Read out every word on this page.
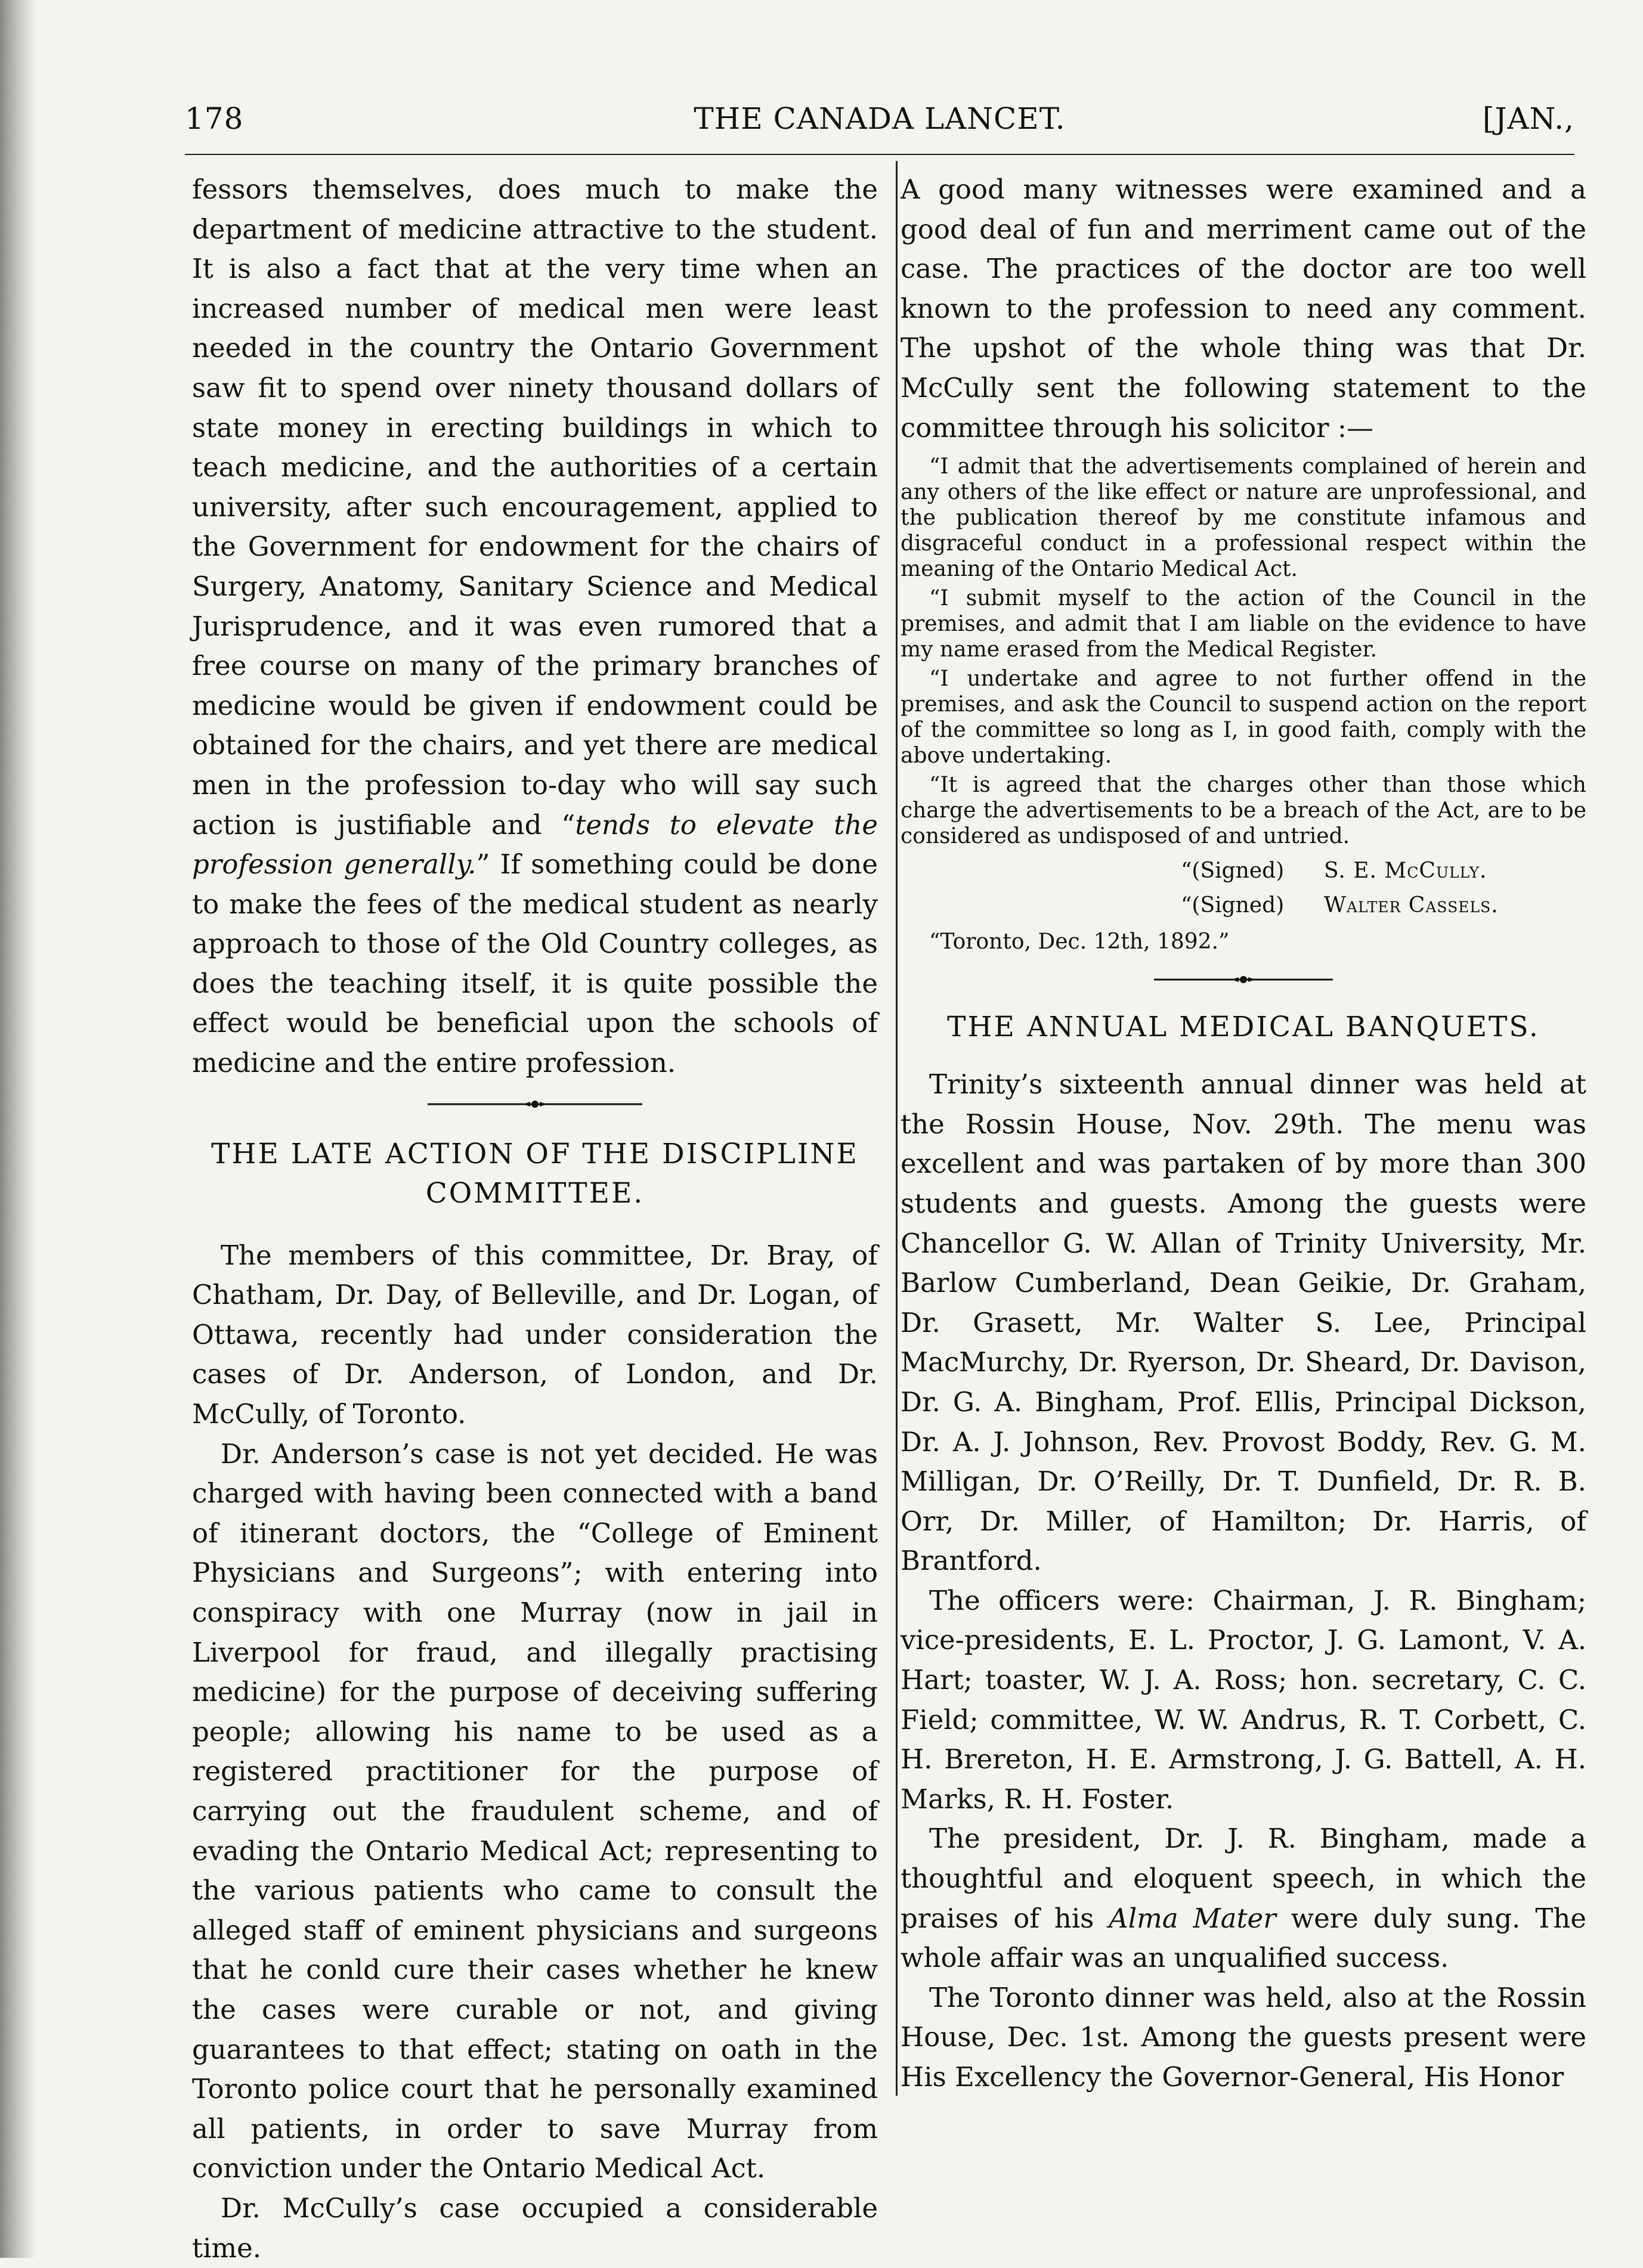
178	THE CANADA LANCET.	[JAN.,

fessors themselves, does much to make the department of medicine attractive to the student. It is also a fact that at the very time when an increased number of medical men were least needed in the country the Ontario Government saw fit to spend over ninety thousand dollars of state money in erecting buildings in which to teach medicine, and the authorities of a certain university, after such encouragement, applied to the Government for endowment for the chairs of Surgery, Anatomy, Sanitary Science and Medical Jurisprudence, and it was even rumored that a free course on many of the primary branches of medicine would be given if endowment could be obtained for the chairs, and yet there are medical men in the profession to-day who will say such action is justifiable and “tends to elevate the profession generally.” If something could be done to make the fees of the medical student as nearly approach to those of the Old Country colleges, as does the teaching itself, it is quite possible the effect would be beneficial upon the schools of medicine and the entire profession.

THE LATE ACTION OF THE DISCIPLINE COMMITTEE.

The members of this committee, Dr. Bray, of Chatham, Dr. Day, of Belleville, and Dr. Logan, of Ottawa, recently had under consideration the cases of Dr. Anderson, of London, and Dr. McCully, of Toronto.

Dr. Anderson’s case is not yet decided. He was charged with having been connected with a band of itinerant doctors, the “College of Eminent Physicians and Surgeons”; with entering into conspiracy with one Murray (now in jail in Liverpool for fraud, and illegally practising medicine) for the purpose of deceiving suffering people; allowing his name to be used as a registered practitioner for the purpose of carrying out the fraudulent scheme, and of evading the Ontario Medical Act; representing to the various patients who came to consult the alleged staff of eminent physicians and surgeons that he conld cure their cases whether he knew the cases were curable or not, and giving guarantees to that effect; stating on oath in the Toronto police court that he personally examined all patients, in order to save Murray from conviction under the Ontario Medical Act.

Dr. McCully’s case occupied a considerable time.

A good many witnesses were examined and a good deal of fun and merriment came out of the case. The practices of the doctor are too well known to the profession to need any comment. The upshot of the whole thing was that Dr. McCully sent the following statement to the committee through his solicitor :—

“I admit that the advertisements complained of herein and any others of the like effect or nature are unprofessional, and the publication thereof by me constitute infamous and disgraceful conduct in a professional respect within the meaning of the Ontario Medical Act.

“I submit myself to the action of the Council in the premises, and admit that I am liable on the evidence to have my name erased from the Medical Register.

“I undertake and agree to not further offend in the premises, and ask the Council to suspend action on the report of the committee so long as I, in good faith, comply with the above undertaking.

“It is agreed that the charges other than those which charge the advertisements to be a breach of the Act, are to be considered as undisposed of and untried.

“(Signed) S. E. McCully.
“(Signed) Walter Cassels.
“Toronto, Dec. 12th, 1892.”
THE ANNUAL MEDICAL BANQUETS.

Trinity’s sixteenth annual dinner was held at the Rossin House, Nov. 29th. The menu was excellent and was partaken of by more than 300 students and guests. Among the guests were Chancellor G. W. Allan of Trinity University, Mr. Barlow Cumberland, Dean Geikie, Dr. Graham, Dr. Grasett, Mr. Walter S. Lee, Principal MacMurchy, Dr. Ryerson, Dr. Sheard, Dr. Davison, Dr. G. A. Bingham, Prof. Ellis, Principal Dickson, Dr. A. J. Johnson, Rev. Provost Boddy, Rev. G. M. Milligan, Dr. O’Reilly, Dr. T. Dunfield, Dr. R. B. Orr, Dr. Miller, of Hamilton; Dr. Harris, of Brantford.

The officers were: Chairman, J. R. Bingham; vice-presidents, E. L. Proctor, J. G. Lamont, V. A. Hart; toaster, W. J. A. Ross; hon. secretary, C. C. Field; committee, W. W. Andrus, R. T. Corbett, C. H. Brereton, H. E. Armstrong, J. G. Battell, A. H. Marks, R. H. Foster.

The president, Dr. J. R. Bingham, made a thoughtful and eloquent speech, in which the praises of his Alma Mater were duly sung. The whole affair was an unqualified success.

The Toronto dinner was held, also at the Rossin House, Dec. 1st. Among the guests present were His Excellency the Governor-General, His Honor
